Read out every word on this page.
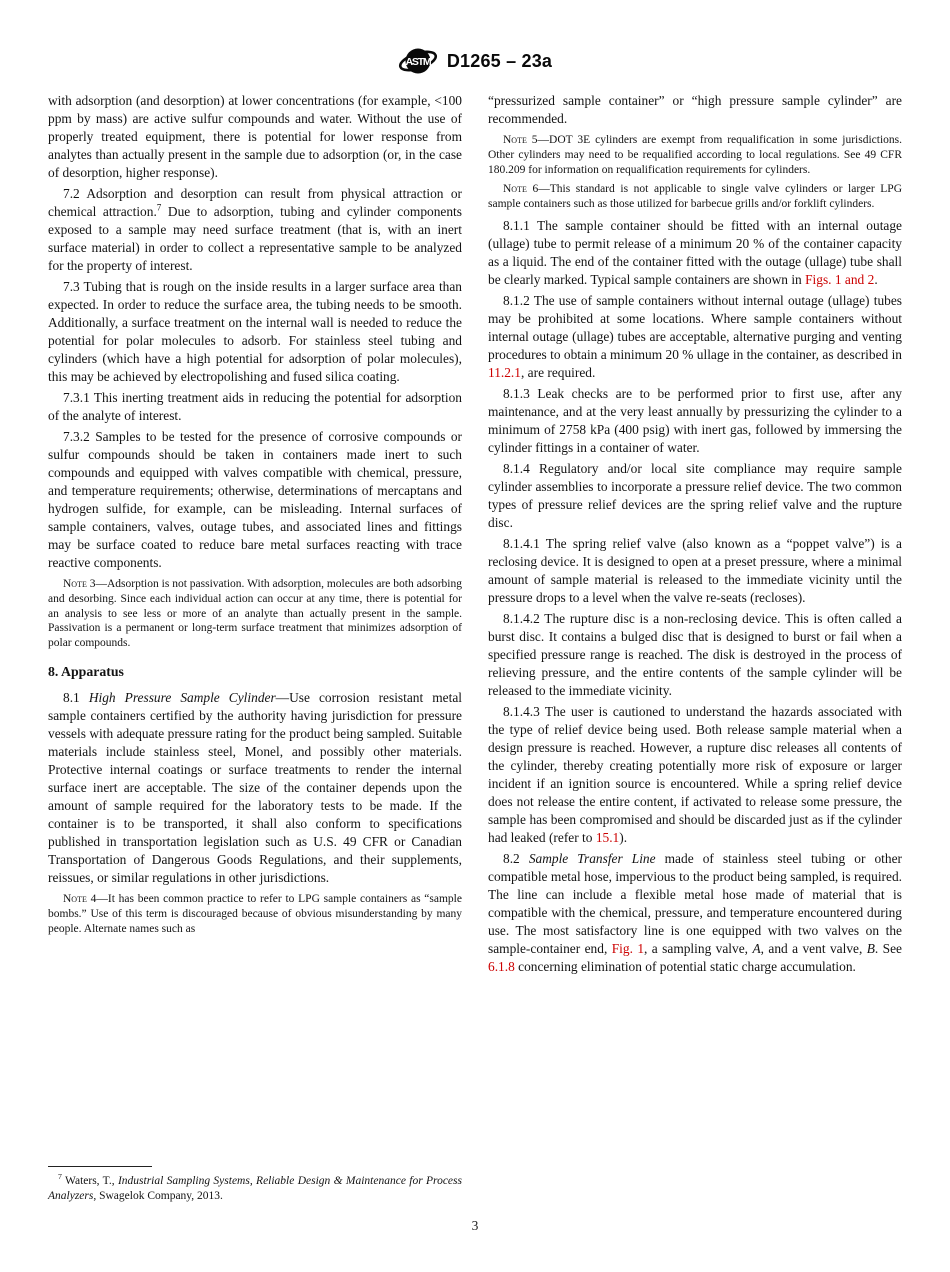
ASTM D1265 – 23a

with adsorption (and desorption) at lower concentrations (for example, <100 ppm by mass) are active sulfur compounds and water. Without the use of properly treated equipment, there is potential for lower response from analytes than actually present in the sample due to adsorption (or, in the case of desorption, higher response).

7.2 Adsorption and desorption can result from physical attraction or chemical attraction.$^7$ Due to adsorption, tubing and cylinder components exposed to a sample may need surface treatment (that is, with an inert surface material) in order to collect a representative sample to be analyzed for the property of interest.

7.3 Tubing that is rough on the inside results in a larger surface area than expected. In order to reduce the surface area, the tubing needs to be smooth. Additionally, a surface treatment on the internal wall is needed to reduce the potential for polar molecules to adsorb. For stainless steel tubing and cylinders (which have a high potential for adsorption of polar molecules), this may be achieved by electropolishing and fused silica coating.

7.3.1 This inerting treatment aids in reducing the potential for adsorption of the analyte of interest.

7.3.2 Samples to be tested for the presence of corrosive compounds or sulfur compounds should be taken in containers made inert to such compounds and equipped with valves compatible with chemical, pressure, and temperature requirements; otherwise, determinations of mercaptans and hydrogen sulfide, for example, can be misleading. Internal surfaces of sample containers, valves, outage tubes, and associated lines and fittings may be surface coated to reduce bare metal surfaces reacting with trace reactive components.

Note 3—Adsorption is not passivation. With adsorption, molecules are both adsorbing and desorbing. Since each individual action can occur at any time, there is potential for an analysis to see less or more of an analyte than actually present in the sample. Passivation is a permanent or long-term surface treatment that minimizes adsorption of polar compounds.

8. Apparatus

8.1 High Pressure Sample Cylinder—Use corrosion resistant metal sample containers certified by the authority having jurisdiction for pressure vessels with adequate pressure rating for the product being sampled. Suitable materials include stainless steel, Monel, and possibly other materials. Protective internal coatings or surface treatments to render the internal surface inert are acceptable. The size of the container depends upon the amount of sample required for the laboratory tests to be made. If the container is to be transported, it shall also conform to specifications published in transportation legislation such as U.S. 49 CFR or Canadian Transportation of Dangerous Goods Regulations, and their supplements, reissues, or similar regulations in other jurisdictions.

Note 4—It has been common practice to refer to LPG sample containers as “sample bombs.” Use of this term is discouraged because of obvious misunderstanding by many people. Alternate names such as

$^7$ Waters, T., Industrial Sampling Systems, Reliable Design & Maintenance for Process Analyzers, Swagelok Company, 2013.

“pressurized sample container” or “high pressure sample cylinder” are recommended.

Note 5—DOT 3E cylinders are exempt from requalification in some jurisdictions. Other cylinders may need to be requalified according to local regulations. See 49 CFR 180.209 for information on requalification requirements for cylinders.

Note 6—This standard is not applicable to single valve cylinders or larger LPG sample containers such as those utilized for barbecue grills and/or forklift cylinders.

8.1.1 The sample container should be fitted with an internal outage (ullage) tube to permit release of a minimum 20 % of the container capacity as a liquid. The end of the container fitted with the outage (ullage) tube shall be clearly marked. Typical sample containers are shown in Figs. 1 and 2.

8.1.2 The use of sample containers without internal outage (ullage) tubes may be prohibited at some locations. Where sample containers without internal outage (ullage) tubes are acceptable, alternative purging and venting procedures to obtain a minimum 20 % ullage in the container, as described in 11.2.1, are required.

8.1.3 Leak checks are to be performed prior to first use, after any maintenance, and at the very least annually by pressurizing the cylinder to a minimum of 2758 kPa (400 psig) with inert gas, followed by immersing the cylinder fittings in a container of water.

8.1.4 Regulatory and/or local site compliance may require sample cylinder assemblies to incorporate a pressure relief device. The two common types of pressure relief devices are the spring relief valve and the rupture disc.

8.1.4.1 The spring relief valve (also known as a “poppet valve”) is a reclosing device. It is designed to open at a preset pressure, where a minimal amount of sample material is released to the immediate vicinity until the pressure drops to a level when the valve re-seats (recloses).

8.1.4.2 The rupture disc is a non-reclosing device. This is often called a burst disc. It contains a bulged disc that is designed to burst or fail when a specified pressure range is reached. The disk is destroyed in the process of relieving pressure, and the entire contents of the sample cylinder will be released to the immediate vicinity.

8.1.4.3 The user is cautioned to understand the hazards associated with the type of relief device being used. Both release sample material when a design pressure is reached. However, a rupture disc releases all contents of the cylinder, thereby creating potentially more risk of exposure or larger incident if an ignition source is encountered. While a spring relief device does not release the entire content, if activated to release some pressure, the sample has been compromised and should be discarded just as if the cylinder had leaked (refer to 15.1).

8.2 Sample Transfer Line made of stainless steel tubing or other compatible metal hose, impervious to the product being sampled, is required. The line can include a flexible metal hose made of material that is compatible with the chemical, pressure, and temperature encountered during use. The most satisfactory line is one equipped with two valves on the sample-container end, Fig. 1, a sampling valve, A, and a vent valve, B. See 6.1.8 concerning elimination of potential static charge accumulation.

3
